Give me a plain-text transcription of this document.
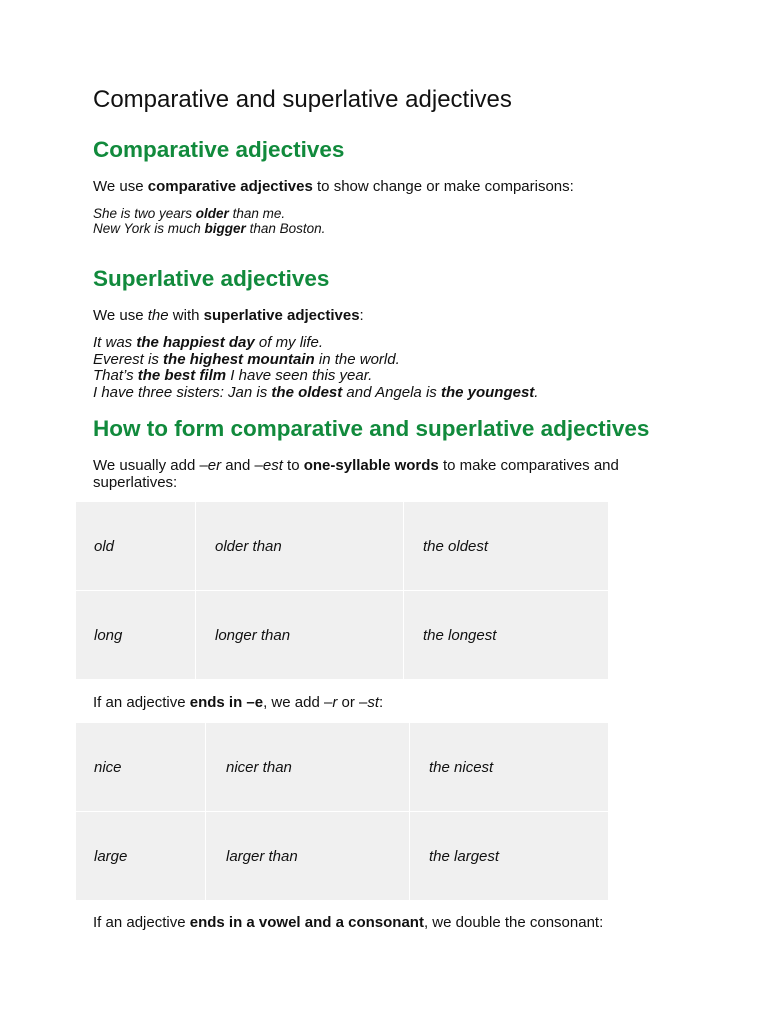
Comparative and superlative adjectives
Comparative adjectives
We use comparative adjectives to show change or make comparisons:
She is two years older than me.
New York is much bigger than Boston.
Superlative adjectives
We use the with superlative adjectives:
It was the happiest day of my life.
Everest is the highest mountain in the world.
That’s the best film I have seen this year.
I have three sisters: Jan is the oldest and Angela is the youngest.
How to form comparative and superlative adjectives
We usually add –er and –est to one-syllable words to make comparatives and superlatives:
old	older than	the oldest

long	longer than	the longest
If an adjective ends in –e, we add –r or –st:
nice	nicer than	the nicest

large	larger than	the largest
If an adjective ends in a vowel and a consonant, we double the consonant:
